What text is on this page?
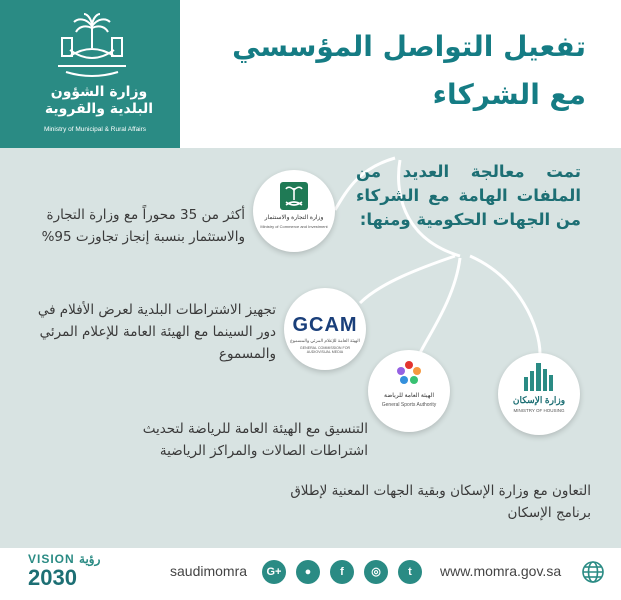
وزارة الشؤون
البلدية والقروية
Ministry of Municipal & Rural Affairs
تفعيل التواصل المؤسسي
مع الشركاء
تمت معالجة العديد من الملفات الهامة مع الشركاء من الجهات الحكومية ومنها:
وزارة التجارة والاستثمار
Ministry of Commerce and Investment
GCAM
الهيئة العامة للإعلام المرئي والمسموع
GENERAL COMMISSION FOR AUDIOVISUAL MEDIA
الهيئة العامة للرياضة
General Sports Authority	وزارة الإسكان
MINISTRY OF HOUSING
أكثر من 35 محوراً مع وزارة التجارة والاستثمار بنسبة إنجاز تجاوزت 95%
تجهيز الاشتراطات البلدية لعرض الأفلام في دور السينما مع الهيئة العامة للإعلام المرئي والمسموع
التنسيق مع الهيئة العامة للرياضة لتحديث اشتراطات الصالات والمراكز الرياضية
التعاون مع وزارة الإسكان وبقية الجهات المعنية لإطلاق برنامج الإسكان
VISION رؤية
2030	saudimomra	G+	●	f	◎	t	www.momra.gov.sa
